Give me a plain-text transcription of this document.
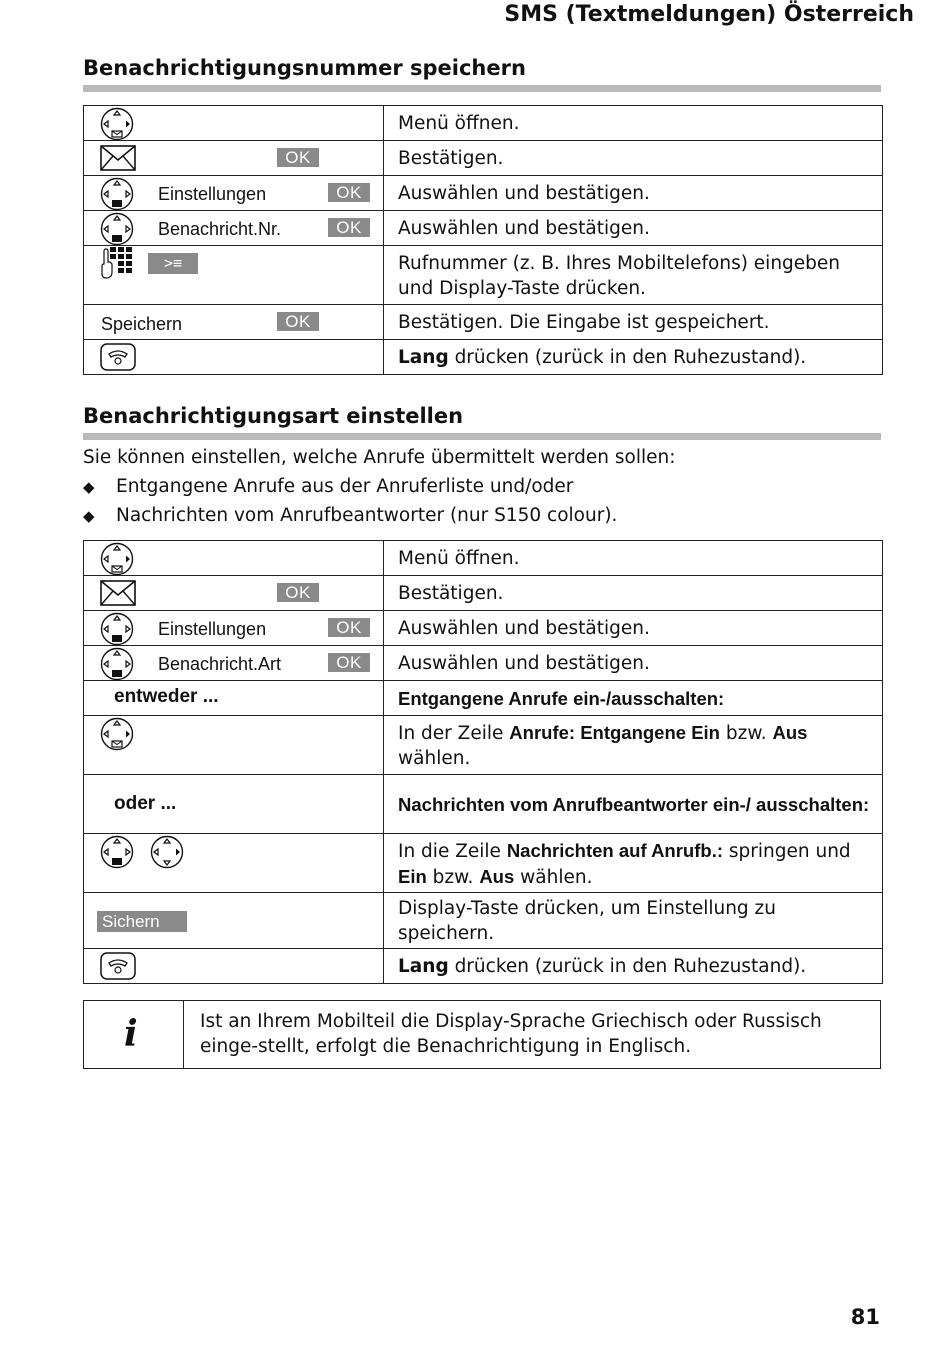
SMS (Textmeldungen) Österreich
Benachrichtigungsnummer speichern
	Menü öffnen.

OK	Bestätigen.

Einstellungen OK	Auswählen und bestätigen.

Benachricht.Nr. OK	Auswählen und bestätigen.

>≡	Rufnummer (z. B. Ihres Mobiltelefons) eingeben und Display-Taste drücken.

Speichern OK	Bestätigen. Die Eingabe ist gespeichert.

	Lang drücken (zurück in den Ruhezustand).
Benachrichtigungsart einstellen
Sie können einstellen, welche Anrufe übermittelt werden sollen:
◆ Entgangene Anrufe aus der Anruferliste und/oder
◆ Nachrichten vom Anrufbeantworter (nur S150 colour).
	Menü öffnen.

OK	Bestätigen.

Einstellungen OK	Auswählen und bestätigen.

Benachricht.Art OK	Auswählen und bestätigen.

entweder ...	Entgangene Anrufe ein-/ausschalten:

	In der Zeile Anrufe: Entgangene Ein bzw. Aus wählen.

oder ...	Nachrichten vom Anrufbeantworter ein-/ ausschalten:

	In die Zeile Nachrichten auf Anrufb.: springen und Ein bzw. Aus wählen.

Sichern	Display-Taste drücken, um Einstellung zu speichern.

	Lang drücken (zurück in den Ruhezustand).
i	Ist an Ihrem Mobilteil die Display-Sprache Griechisch oder Russisch einge-stellt, erfolgt die Benachrichtigung in Englisch.
81
